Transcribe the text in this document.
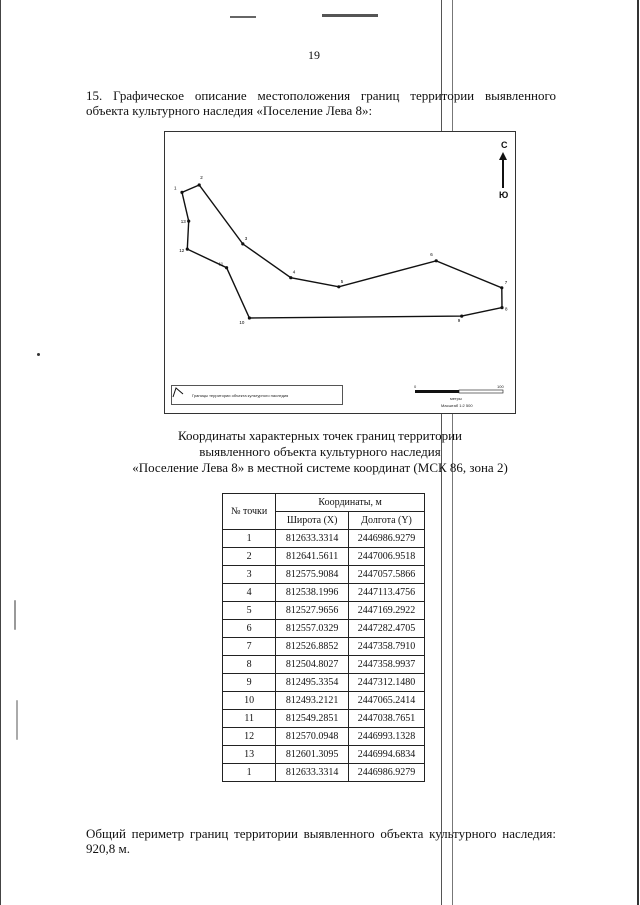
19
15. Графическое описание местоположения границ территории выявленного объекта культурного наследия «Поселение Лева 8»:
1
2
3
4
5
6
7
8
9
10
11
12
13
С
Ю
Границы территории объекта культурного наследия
0	100
метры
Масштаб 1:2 500
Координаты характерных точек границ территории
выявленного объекта культурного наследия
«Поселение Лева 8» в местной системе координат (МСК 86, зона 2)
№ точки	Координаты, м	
	Широта (X)	Долгота (Y)
1	812633.3314	2446986.9279
2	812641.5611	2447006.9518
3	812575.9084	2447057.5866
4	812538.1996	2447113.4756
5	812527.9656	2447169.2922
6	812557.0329	2447282.4705
7	812526.8852	2447358.7910
8	812504.8027	2447358.9937
9	812495.3354	2447312.1480
10	812493.2121	2447065.2414
11	812549.2851	2447038.7651
12	812570.0948	2446993.1328
13	812601.3095	2446994.6834
1	812633.3314	2446986.9279
Общий периметр границ территории выявленного объекта культурного наследия: 920,8 м.
